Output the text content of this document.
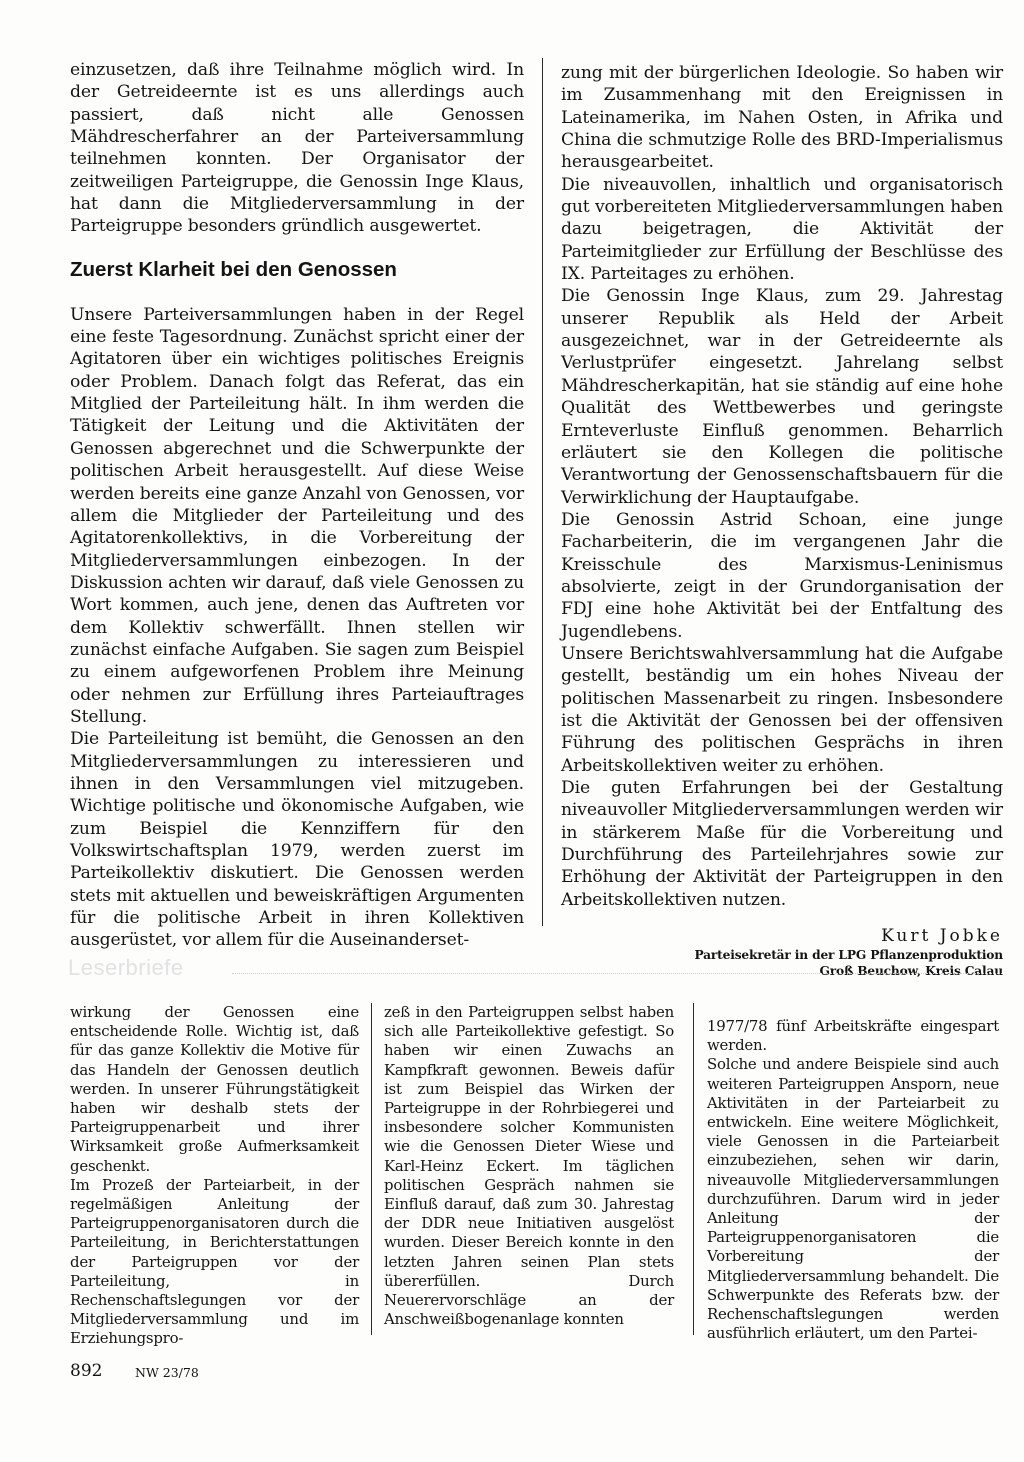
einzusetzen, daß ihre Teilnahme möglich wird. In der Getreideernte ist es uns allerdings auch passiert, daß nicht alle Genossen Mähdrescherfahrer an der Parteiversammlung teilnehmen konnten. Der Organisator der zeitweiligen Parteigruppe, die Genossin Inge Klaus, hat dann die Mitgliederversammlung in der Parteigruppe besonders gründlich ausgewertet.

Zuerst Klarheit bei den Genossen

Unsere Parteiversammlungen haben in der Regel eine feste Tagesordnung. Zunächst spricht einer der Agitatoren über ein wichtiges politisches Ereignis oder Problem. Danach folgt das Referat, das ein Mitglied der Parteileitung hält. In ihm werden die Tätigkeit der Leitung und die Aktivitäten der Genossen abgerechnet und die Schwerpunkte der politischen Arbeit herausgestellt. Auf diese Weise werden bereits eine ganze Anzahl von Genossen, vor allem die Mitglieder der Parteileitung und des Agitatorenkollektivs, in die Vorbereitung der Mitgliederversammlungen einbezogen. In der Diskussion achten wir darauf, daß viele Genossen zu Wort kommen, auch jene, denen das Auftreten vor dem Kollektiv schwerfällt. Ihnen stellen wir zunächst einfache Aufgaben. Sie sagen zum Beispiel zu einem aufgeworfenen Problem ihre Meinung oder nehmen zur Erfüllung ihres Parteiauftrages Stellung.

Die Parteileitung ist bemüht, die Genossen an den Mitgliederversammlungen zu interessieren und ihnen in den Versammlungen viel mitzugeben. Wichtige politische und ökonomische Aufgaben, wie zum Beispiel die Kennziffern für den Volkswirtschaftsplan 1979, werden zuerst im Parteikollektiv diskutiert. Die Genossen werden stets mit aktuellen und beweiskräftigen Argumenten für die politische Arbeit in ihren Kollektiven ausgerüstet, vor allem für die Auseinanderset-

zung mit der bürgerlichen Ideologie. So haben wir im Zusammenhang mit den Ereignissen in Lateinamerika, im Nahen Osten, in Afrika und China die schmutzige Rolle des BRD-Imperialismus herausgearbeitet.

Die niveauvollen, inhaltlich und organisatorisch gut vorbereiteten Mitgliederversammlungen haben dazu beigetragen, die Aktivität der Parteimitglieder zur Erfüllung der Beschlüsse des IX. Parteitages zu erhöhen.

Die Genossin Inge Klaus, zum 29. Jahrestag unserer Republik als Held der Arbeit ausgezeichnet, war in der Getreideernte als Verlustprüfer eingesetzt. Jahrelang selbst Mähdrescherkapitän, hat sie ständig auf eine hohe Qualität des Wettbewerbes und geringste Ernteverluste Einfluß genommen. Beharrlich erläutert sie den Kollegen die politische Verantwortung der Genossenschaftsbauern für die Verwirklichung der Hauptaufgabe.

Die Genossin Astrid Schoan, eine junge Facharbeiterin, die im vergangenen Jahr die Kreisschule des Marxismus-Leninismus absolvierte, zeigt in der Grundorganisation der FDJ eine hohe Aktivität bei der Entfaltung des Jugendlebens.

Unsere Berichtswahlversammlung hat die Aufgabe gestellt, beständig um ein hohes Niveau der politischen Massenarbeit zu ringen. Insbesondere ist die Aktivität der Genossen bei der offensiven Führung des politischen Gesprächs in ihren Arbeitskollektiven weiter zu erhöhen.

Die guten Erfahrungen bei der Gestaltung niveauvoller Mitgliederversammlungen werden wir in stärkerem Maße für die Vorbereitung und Durchführung des Parteilehrjahres sowie zur Erhöhung der Aktivität der Parteigruppen in den Arbeitskollektiven nutzen.

Kurt Jobke

Parteisekretär in der LPG Pflanzenproduktion

Groß Beuchow, Kreis Calau

Leserbriefe

wirkung der Genossen eine entscheidende Rolle. Wichtig ist, daß für das ganze Kollektiv die Motive für das Handeln der Genossen deutlich werden. In unserer Führungstätigkeit haben wir deshalb stets der Parteigruppenarbeit und ihrer Wirksamkeit große Aufmerksamkeit geschenkt.

Im Prozeß der Parteiarbeit, in der regelmäßigen Anleitung der Parteigruppenorganisatoren durch die Parteileitung, in Berichterstattungen der Parteigruppen vor der Parteileitung, in Rechenschaftslegungen vor der Mitgliederversammlung und im Erziehungspro-

zeß in den Parteigruppen selbst haben sich alle Parteikollektive gefestigt. So haben wir einen Zuwachs an Kampfkraft gewonnen. Beweis dafür ist zum Beispiel das Wirken der Parteigruppe in der Rohrbiegerei und insbesondere solcher Kommunisten wie die Genossen Dieter Wiese und Karl-Heinz Eckert. Im täglichen politischen Gespräch nahmen sie Einfluß darauf, daß zum 30. Jahrestag der DDR neue Initiativen ausgelöst wurden. Dieser Bereich konnte in den letzten Jahren seinen Plan stets übererfüllen. Durch Neuerervorschläge an der Anschweißbogenanlage konnten

1977/78 fünf Arbeitskräfte eingespart werden.

Solche und andere Beispiele sind auch weiteren Parteigruppen Ansporn, neue Aktivitäten in der Parteiarbeit zu entwickeln. Eine weitere Möglichkeit, viele Genossen in die Parteiarbeit einzubeziehen, sehen wir darin, niveauvolle Mitgliederversammlungen durchzuführen. Darum wird in jeder Anleitung der Parteigruppenorganisatoren die Vorbereitung der Mitgliederversammlung behandelt. Die Schwerpunkte des Referats bzw. der Rechenschaftslegungen werden ausführlich erläutert, um den Partei-

892	NW 23/78
